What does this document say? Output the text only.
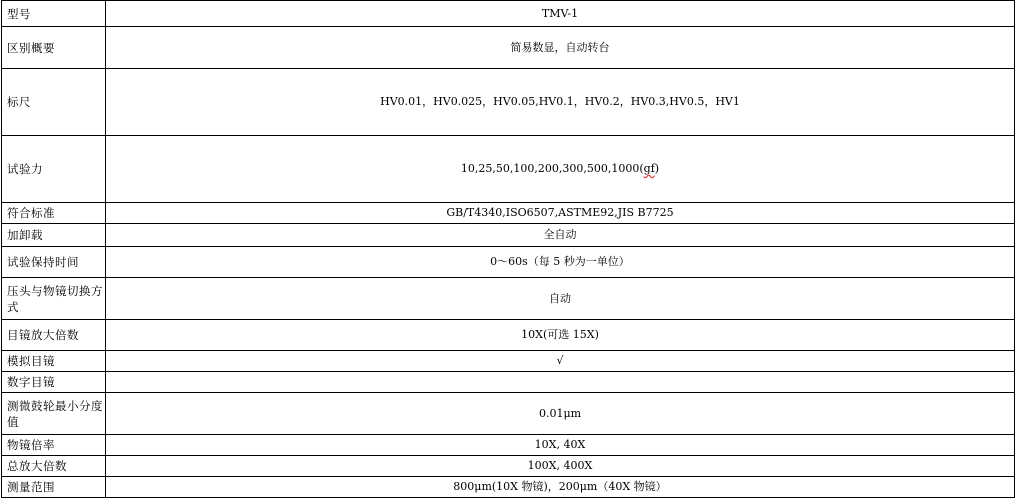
型号	TMV-1
区别概要	简易数显，自动转台
标尺	HV0.01，HV0.025，HV0.05,HV0.1，HV0.2，HV0.3,HV0.5，HV1
试验力	10,25,50,100,200,300,500,1000(gf)
符合标准	GB/T4340,ISO6507,ASTME92,JIS B7725
加卸载	全自动
试验保持时间	0～60s（每 5 秒为一单位）
压头与物镜切换方式	自动
目镜放大倍数	10X(可选 15X)
模拟目镜	√
数字目镜	
测微鼓轮最小分度值	0.01μm
物镜倍率	10X, 40X
总放大倍数	100X, 400X
测量范围	800μm(10X 物镜)，200μm（40X 物镜）
